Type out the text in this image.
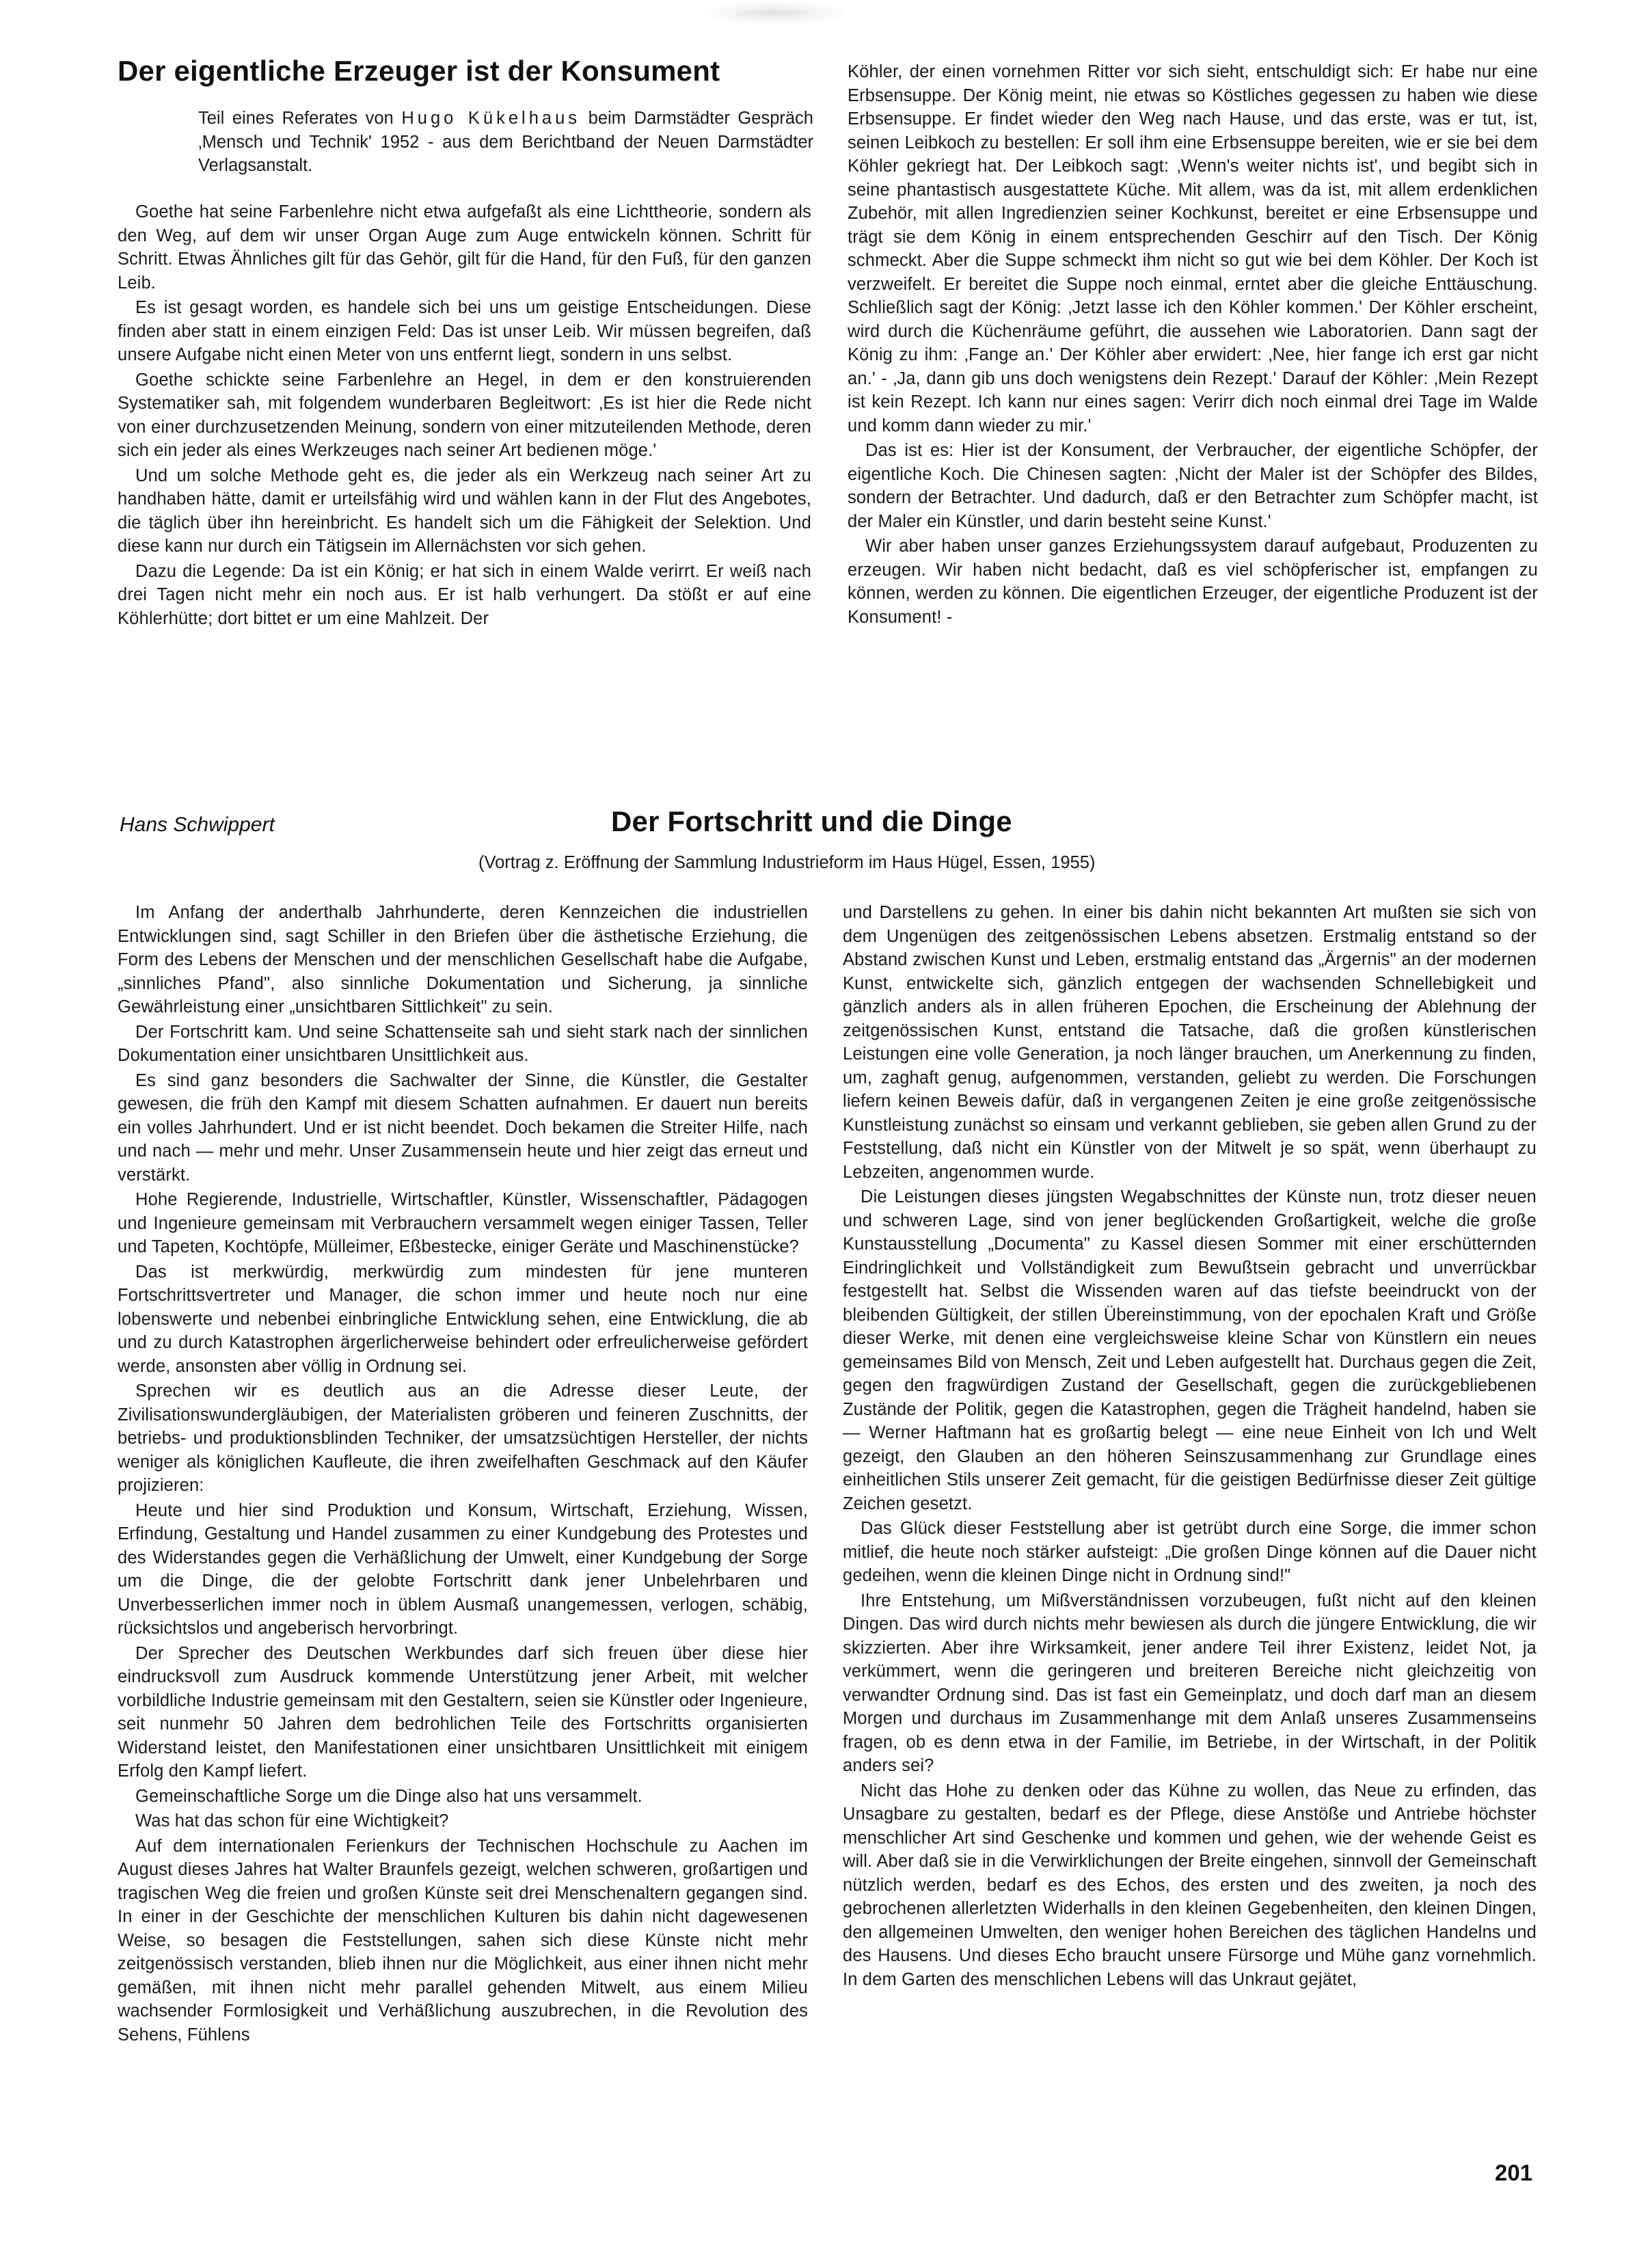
Der eigentliche Erzeuger ist der Konsument
Teil eines Referates von Hugo Kükelhaus beim Darmstädter Gespräch ‚Mensch und Technik' 1952 - aus dem Berichtband der Neuen Darmstädter Verlagsanstalt.

Goethe hat seine Farbenlehre nicht etwa aufgefaßt als eine Lichttheorie, sondern als den Weg, auf dem wir unser Organ Auge zum Auge entwickeln können. Schritt für Schritt. Etwas Ähnliches gilt für das Gehör, gilt für die Hand, für den Fuß, für den ganzen Leib.

Es ist gesagt worden, es handele sich bei uns um geistige Entscheidungen. Diese finden aber statt in einem einzigen Feld: Das ist unser Leib. Wir müssen begreifen, daß unsere Aufgabe nicht einen Meter von uns entfernt liegt, sondern in uns selbst.

Goethe schickte seine Farbenlehre an Hegel, in dem er den konstruierenden Systematiker sah, mit folgendem wunderbaren Begleitwort: ‚Es ist hier die Rede nicht von einer durchzusetzenden Meinung, sondern von einer mitzuteilenden Methode, deren sich ein jeder als eines Werkzeuges nach seiner Art bedienen möge.'

Und um solche Methode geht es, die jeder als ein Werkzeug nach seiner Art zu handhaben hätte, damit er urteilsfähig wird und wählen kann in der Flut des Angebotes, die täglich über ihn hereinbricht. Es handelt sich um die Fähigkeit der Selektion. Und diese kann nur durch ein Tätigsein im Allernächsten vor sich gehen.

Dazu die Legende: Da ist ein König; er hat sich in einem Walde verirrt. Er weiß nach drei Tagen nicht mehr ein noch aus. Er ist halb verhungert. Da stößt er auf eine Köhlerhütte; dort bittet er um eine Mahlzeit. Der

Köhler, der einen vornehmen Ritter vor sich sieht, entschuldigt sich: Er habe nur eine Erbsensuppe. Der König meint, nie etwas so Köstliches gegessen zu haben wie diese Erbsensuppe. Er findet wieder den Weg nach Hause, und das erste, was er tut, ist, seinen Leibkoch zu bestellen: Er soll ihm eine Erbsensuppe bereiten, wie er sie bei dem Köhler gekriegt hat. Der Leibkoch sagt: ‚Wenn's weiter nichts ist', und begibt sich in seine phantastisch ausgestattete Küche. Mit allem, was da ist, mit allem erdenklichen Zubehör, mit allen Ingredienzien seiner Kochkunst, bereitet er eine Erbsensuppe und trägt sie dem König in einem entsprechenden Geschirr auf den Tisch. Der König schmeckt. Aber die Suppe schmeckt ihm nicht so gut wie bei dem Köhler. Der Koch ist verzweifelt. Er bereitet die Suppe noch einmal, erntet aber die gleiche Enttäuschung. Schließlich sagt der König: ‚Jetzt lasse ich den Köhler kommen.' Der Köhler erscheint, wird durch die Küchenräume geführt, die aussehen wie Laboratorien. Dann sagt der König zu ihm: ‚Fange an.' Der Köhler aber erwidert: ‚Nee, hier fange ich erst gar nicht an.' - ‚Ja, dann gib uns doch wenigstens dein Rezept.' Darauf der Köhler: ‚Mein Rezept ist kein Rezept. Ich kann nur eines sagen: Verirr dich noch einmal drei Tage im Walde und komm dann wieder zu mir.'

Das ist es: Hier ist der Konsument, der Verbraucher, der eigentliche Schöpfer, der eigentliche Koch. Die Chinesen sagten: ‚Nicht der Maler ist der Schöpfer des Bildes, sondern der Betrachter. Und dadurch, daß er den Betrachter zum Schöpfer macht, ist der Maler ein Künstler, und darin besteht seine Kunst.'

Wir aber haben unser ganzes Erziehungssystem darauf aufgebaut, Produzenten zu erzeugen. Wir haben nicht bedacht, daß es viel schöpferischer ist, empfangen zu können, werden zu können. Die eigentlichen Erzeuger, der eigentliche Produzent ist der Konsument! -

Hans Schwippert	Der Fortschritt und die Dinge
(Vortrag z. Eröffnung der Sammlung Industrieform im Haus Hügel, Essen, 1955)

Im Anfang der anderthalb Jahrhunderte, deren Kennzeichen die industriellen Entwicklungen sind, sagt Schiller in den Briefen über die ästhetische Erziehung, die Form des Lebens der Menschen und der menschlichen Gesellschaft habe die Aufgabe, „sinnliches Pfand", also sinnliche Dokumentation und Sicherung, ja sinnliche Gewährleistung einer „unsichtbaren Sittlichkeit" zu sein.

Der Fortschritt kam. Und seine Schattenseite sah und sieht stark nach der sinnlichen Dokumentation einer unsichtbaren Unsittlichkeit aus.

Es sind ganz besonders die Sachwalter der Sinne, die Künstler, die Gestalter gewesen, die früh den Kampf mit diesem Schatten aufnahmen. Er dauert nun bereits ein volles Jahrhundert. Und er ist nicht beendet. Doch bekamen die Streiter Hilfe, nach und nach — mehr und mehr. Unser Zusammensein heute und hier zeigt das erneut und verstärkt.

Hohe Regierende, Industrielle, Wirtschaftler, Künstler, Wissenschaftler, Pädagogen und Ingenieure gemeinsam mit Verbrauchern versammelt wegen einiger Tassen, Teller und Tapeten, Kochtöpfe, Mülleimer, Eßbestecke, einiger Geräte und Maschinenstücke?

Das ist merkwürdig, merkwürdig zum mindesten für jene munteren Fortschrittsvertreter und Manager, die schon immer und heute noch nur eine lobenswerte und nebenbei einbringliche Entwicklung sehen, eine Entwicklung, die ab und zu durch Katastrophen ärgerlicherweise behindert oder erfreulicherweise gefördert werde, ansonsten aber völlig in Ordnung sei.

Sprechen wir es deutlich aus an die Adresse dieser Leute, der Zivilisationswundergläubigen, der Materialisten gröberen und feineren Zuschnitts, der betriebs- und produktionsblinden Techniker, der umsatzsüchtigen Hersteller, der nichts weniger als königlichen Kaufleute, die ihren zweifelhaften Geschmack auf den Käufer projizieren:

Heute und hier sind Produktion und Konsum, Wirtschaft, Erziehung, Wissen, Erfindung, Gestaltung und Handel zusammen zu einer Kundgebung des Protestes und des Widerstandes gegen die Verhäßlichung der Umwelt, einer Kundgebung der Sorge um die Dinge, die der gelobte Fortschritt dank jener Unbelehrbaren und Unverbesserlichen immer noch in üblem Ausmaß unangemessen, verlogen, schäbig, rücksichtslos und angeberisch hervorbringt.

Der Sprecher des Deutschen Werkbundes darf sich freuen über diese hier eindrucksvoll zum Ausdruck kommende Unterstützung jener Arbeit, mit welcher vorbildliche Industrie gemeinsam mit den Gestaltern, seien sie Künstler oder Ingenieure, seit nunmehr 50 Jahren dem bedrohlichen Teile des Fortschritts organisierten Widerstand leistet, den Manifestationen einer unsichtbaren Unsittlichkeit mit einigem Erfolg den Kampf liefert.

Gemeinschaftliche Sorge um die Dinge also hat uns versammelt.

Was hat das schon für eine Wichtigkeit?

Auf dem internationalen Ferienkurs der Technischen Hochschule zu Aachen im August dieses Jahres hat Walter Braunfels gezeigt, welchen schweren, großartigen und tragischen Weg die freien und großen Künste seit drei Menschenaltern gegangen sind. In einer in der Geschichte der menschlichen Kulturen bis dahin nicht dagewesenen Weise, so besagen die Feststellungen, sahen sich diese Künste nicht mehr zeitgenössisch verstanden, blieb ihnen nur die Möglichkeit, aus einer ihnen nicht mehr gemäßen, mit ihnen nicht mehr parallel gehenden Mitwelt, aus einem Milieu wachsender Formlosigkeit und Verhäßlichung auszubrechen, in die Revolution des Sehens, Fühlens

und Darstellens zu gehen. In einer bis dahin nicht bekannten Art mußten sie sich von dem Ungenügen des zeitgenössischen Lebens absetzen. Erstmalig entstand so der Abstand zwischen Kunst und Leben, erstmalig entstand das „Ärgernis" an der modernen Kunst, entwickelte sich, gänzlich entgegen der wachsenden Schnellebigkeit und gänzlich anders als in allen früheren Epochen, die Erscheinung der Ablehnung der zeitgenössischen Kunst, entstand die Tatsache, daß die großen künstlerischen Leistungen eine volle Generation, ja noch länger brauchen, um Anerkennung zu finden, um, zaghaft genug, aufgenommen, verstanden, geliebt zu werden. Die Forschungen liefern keinen Beweis dafür, daß in vergangenen Zeiten je eine große zeitgenössische Kunstleistung zunächst so einsam und verkannt geblieben, sie geben allen Grund zu der Feststellung, daß nicht ein Künstler von der Mitwelt je so spät, wenn überhaupt zu Lebzeiten, angenommen wurde.

Die Leistungen dieses jüngsten Wegabschnittes der Künste nun, trotz dieser neuen und schweren Lage, sind von jener beglückenden Großartigkeit, welche die große Kunstausstellung „Documenta" zu Kassel diesen Sommer mit einer erschütternden Eindringlichkeit und Vollständigkeit zum Bewußtsein gebracht und unverrückbar festgestellt hat. Selbst die Wissenden waren auf das tiefste beeindruckt von der bleibenden Gültigkeit, der stillen Übereinstimmung, von der epochalen Kraft und Größe dieser Werke, mit denen eine vergleichsweise kleine Schar von Künstlern ein neues gemeinsames Bild von Mensch, Zeit und Leben aufgestellt hat. Durchaus gegen die Zeit, gegen den fragwürdigen Zustand der Gesellschaft, gegen die zurückgebliebenen Zustände der Politik, gegen die Katastrophen, gegen die Trägheit handelnd, haben sie — Werner Haftmann hat es großartig belegt — eine neue Einheit von Ich und Welt gezeigt, den Glauben an den höheren Seinszusammenhang zur Grundlage eines einheitlichen Stils unserer Zeit gemacht, für die geistigen Bedürfnisse dieser Zeit gültige Zeichen gesetzt.

Das Glück dieser Feststellung aber ist getrübt durch eine Sorge, die immer schon mitlief, die heute noch stärker aufsteigt: „Die großen Dinge können auf die Dauer nicht gedeihen, wenn die kleinen Dinge nicht in Ordnung sind!"

Ihre Entstehung, um Mißverständnissen vorzubeugen, fußt nicht auf den kleinen Dingen. Das wird durch nichts mehr bewiesen als durch die jüngere Entwicklung, die wir skizzierten. Aber ihre Wirksamkeit, jener andere Teil ihrer Existenz, leidet Not, ja verkümmert, wenn die geringeren und breiteren Bereiche nicht gleichzeitig von verwandter Ordnung sind. Das ist fast ein Gemeinplatz, und doch darf man an diesem Morgen und durchaus im Zusammenhange mit dem Anlaß unseres Zusammenseins fragen, ob es denn etwa in der Familie, im Betriebe, in der Wirtschaft, in der Politik anders sei?

Nicht das Hohe zu denken oder das Kühne zu wollen, das Neue zu erfinden, das Unsagbare zu gestalten, bedarf es der Pflege, diese Anstöße und Antriebe höchster menschlicher Art sind Geschenke und kommen und gehen, wie der wehende Geist es will. Aber daß sie in die Verwirklichungen der Breite eingehen, sinnvoll der Gemeinschaft nützlich werden, bedarf es des Echos, des ersten und des zweiten, ja noch des gebrochenen allerletzten Widerhalls in den kleinen Gegebenheiten, den kleinen Dingen, den allgemeinen Umwelten, den weniger hohen Bereichen des täglichen Handelns und des Hausens. Und dieses Echo braucht unsere Fürsorge und Mühe ganz vornehmlich. In dem Garten des menschlichen Lebens will das Unkraut gejätet,

201
